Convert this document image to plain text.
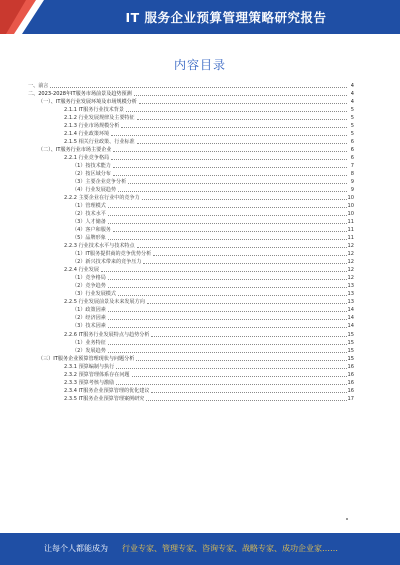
IT 服务企业预算管理策略研究报告
内容目录
一、前言	4
二、2023-2028年IT服务市场前景及趋势预测	4
（一）、IT服务行业发展环境及市场规模分析	4
2.1.1 IT服务行业技术背景	5
2.1.2 行业发展规律及主要特征	5
2.1.3 行业市场规模分析	5
2.1.4 行业政策环境	5
2.1.5 相关行业政策、行业标准	6
（二）、IT服务行业市场主要企业	6
2.2.1 行业竞争格局	6
（1）按技术能力	7
（2）按区域分布	8
（3）主要企业竞争分析	9
（4）行业发展趋势	9
2.2.2 主要企业在行业中的竞争力	10
（1）管理模式	10
（2）技术水平	10
（3）人才储备	11
（4）客户和服务	11
（5）品牌形象	11
2.2.3 行业技术水平与技术特点	12
（1）IT服务提供商的竞争优势分析	12
（2）新兴技术带来的竞争压力	12
2.2.4 行业发展	12
（1）竞争格局	12
（2）竞争趋势	13
（3）行业发展模式	13
2.2.5 行业发展前景及未来发展方向	13
（1）政策因素	14
（2）经济因素	14
（3）技术因素	14
2.2.6 IT服务行业发展特点与趋势分析	15
（1）业务特征	15
（2）发展趋势	15
（三）IT服务企业预算管理现状与问题分析	15
2.3.1 预算编制与执行	16
2.3.2 预算管理体系存在问题	16
2.3.3 预算考核与激励	16
2.3.4 IT服务企业预算管理的优化建议	16
2.3.5 IT服务企业预算管理案例研究	17
让每个人都能成为 行业专家、管理专家、咨询专家、战略专家、成功企业家……
